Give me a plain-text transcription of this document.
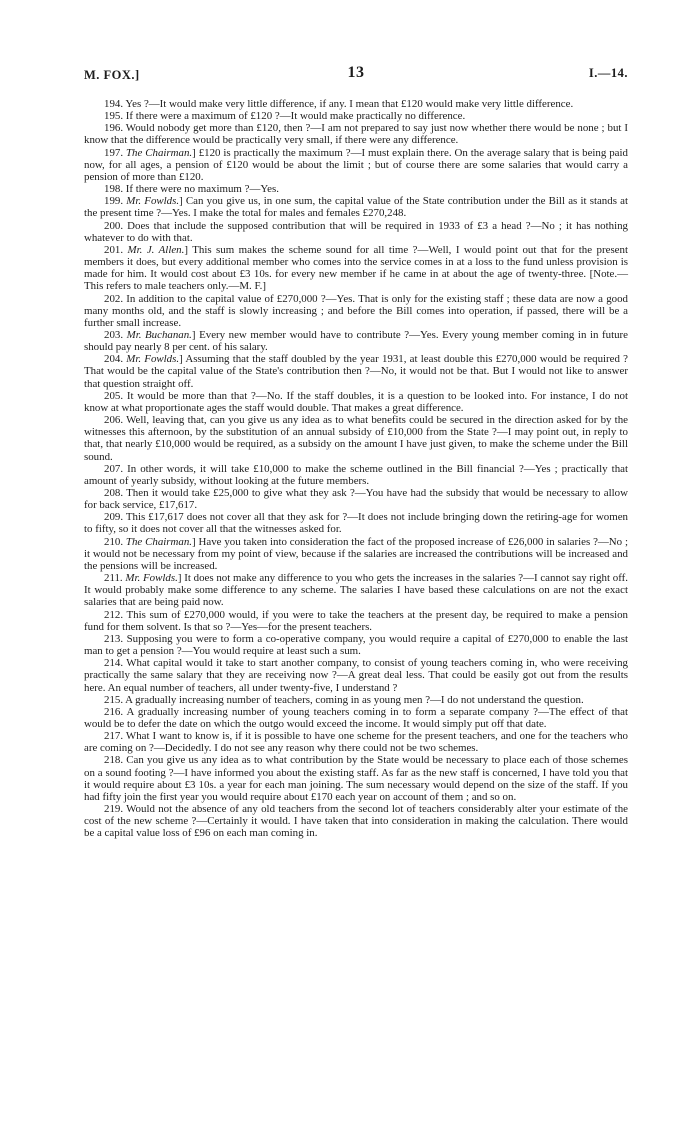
M. FOX.]	13	I.—14.

194. Yes ?—It would make very little difference, if any. I mean that £120 would make very little difference.

195. If there were a maximum of £120 ?—It would make practically no difference.

196. Would nobody get more than £120, then ?—I am not prepared to say just now whether there would be none ; but I know that the difference would be practically very small, if there were any difference.

197. The Chairman.] £120 is practically the maximum ?—I must explain there. On the average salary that is being paid now, for all ages, a pension of £120 would be about the limit ; but of course there are some salaries that would carry a pension of more than £120.

198. If there were no maximum ?—Yes.

199. Mr. Fowlds.] Can you give us, in one sum, the capital value of the State contribution under the Bill as it stands at the present time ?—Yes. I make the total for males and females £270,248.

200. Does that include the supposed contribution that will be required in 1933 of £3 a head ?—No ; it has nothing whatever to do with that.

201. Mr. J. Allen.] This sum makes the scheme sound for all time ?—Well, I would point out that for the present members it does, but every additional member who comes into the service comes in at a loss to the fund unless provision is made for him. It would cost about £3 10s. for every new member if he came in at about the age of twenty-three. [Note.—This refers to male teachers only.—M. F.]

202. In addition to the capital value of £270,000 ?—Yes. That is only for the existing staff ; these data are now a good many months old, and the staff is slowly increasing ; and before the Bill comes into operation, if passed, there will be a further small increase.

203. Mr. Buchanan.] Every new member would have to contribute ?—Yes. Every young member coming in in future should pay nearly 8 per cent. of his salary.

204. Mr. Fowlds.] Assuming that the staff doubled by the year 1931, at least double this £270,000 would be required ? That would be the capital value of the State's contribution then ?—No, it would not be that. But I would not like to answer that question straight off.

205. It would be more than that ?—No. If the staff doubles, it is a question to be looked into. For instance, I do not know at what proportionate ages the staff would double. That makes a great difference.

206. Well, leaving that, can you give us any idea as to what benefits could be secured in the direction asked for by the witnesses this afternoon, by the substitution of an annual subsidy of £10,000 from the State ?—I may point out, in reply to that, that nearly £10,000 would be required, as a subsidy on the amount I have just given, to make the scheme under the Bill sound.

207. In other words, it will take £10,000 to make the scheme outlined in the Bill financial ?—Yes ; practically that amount of yearly subsidy, without looking at the future members.

208. Then it would take £25,000 to give what they ask ?—You have had the subsidy that would be necessary to allow for back service, £17,617.

209. This £17,617 does not cover all that they ask for ?—It does not include bringing down the retiring-age for women to fifty, so it does not cover all that the witnesses asked for.

210. The Chairman.] Have you taken into consideration the fact of the proposed increase of £26,000 in salaries ?—No ; it would not be necessary from my point of view, because if the salaries are increased the contributions will be increased and the pensions will be increased.

211. Mr. Fowlds.] It does not make any difference to you who gets the increases in the salaries ?—I cannot say right off. It would probably make some difference to any scheme. The salaries I have based these calculations on are not the exact salaries that are being paid now.

212. This sum of £270,000 would, if you were to take the teachers at the present day, be required to make a pension fund for them solvent. Is that so ?—Yes—for the present teachers.

213. Supposing you were to form a co-operative company, you would require a capital of £270,000 to enable the last man to get a pension ?—You would require at least such a sum.

214. What capital would it take to start another company, to consist of young teachers coming in, who were receiving practically the same salary that they are receiving now ?—A great deal less. That could be easily got out from the results here. An equal number of teachers, all under twenty-five, I understand ?

215. A gradually increasing number of teachers, coming in as young men ?—I do not understand the question.

216. A gradually increasing number of young teachers coming in to form a separate company ?—The effect of that would be to defer the date on which the outgo would exceed the income. It would simply put off that date.

217. What I want to know is, if it is possible to have one scheme for the present teachers, and one for the teachers who are coming on ?—Decidedly. I do not see any reason why there could not be two schemes.

218. Can you give us any idea as to what contribution by the State would be necessary to place each of those schemes on a sound footing ?—I have informed you about the existing staff. As far as the new staff is concerned, I have told you that it would require about £3 10s. a year for each man joining. The sum necessary would depend on the size of the staff. If you had fifty join the first year you would require about £170 each year on account of them ; and so on.

219. Would not the absence of any old teachers from the second lot of teachers considerably alter your estimate of the cost of the new scheme ?—Certainly it would. I have taken that into consideration in making the calculation. There would be a capital value loss of £96 on each man coming in.
